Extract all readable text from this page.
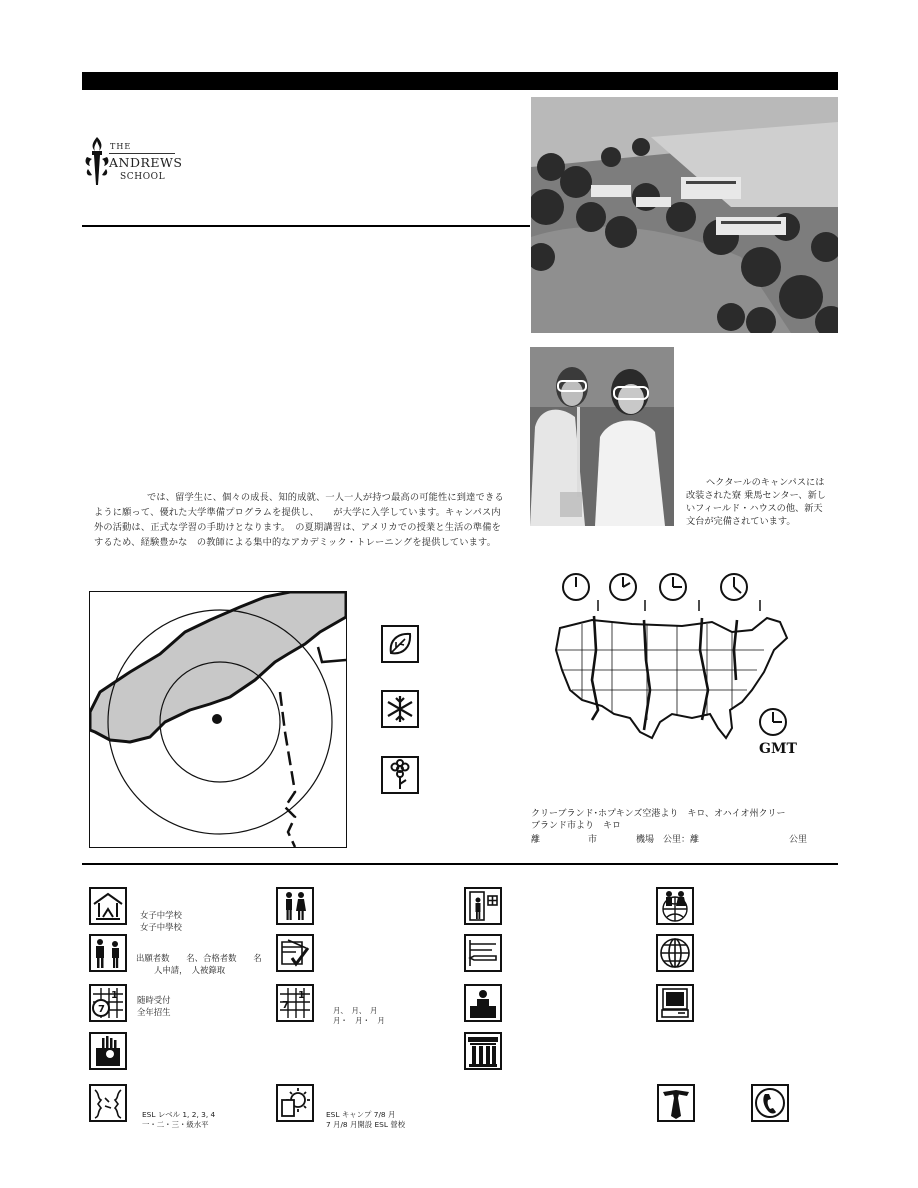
THE
ANDREWS
SCHOOL
ヘクタールのキャンパスには
改装された寮 乗馬センター、新し
いフィールド・ハウスの他、新天
文台が完備されています。
では、留学生に、個々の成長、知的成就、一人一人が持つ最高の可能性に到達できる
ように願って、優れた大学準備プログラムを提供し、　　が大学に入学しています。キャンパス内
外の活動は、正式な学習の手助けとなります。　の夏期講習は、アメリカでの授業と生活の準備を
するため、経験豊かな　の教師による集中的なアカデミック・トレーニングを提供しています。
GMT
クリーブランド･ホプキンズ空港より　キロ、オハイオ州クリー
ブランド市より　キロ
離	市	機場　公里：離	公里
女子中学校
女子中學校
出願者数　　名、合格者数　　名
人申請，　人被錄取
1
7
随時受付
全年招生
1
7	月、　月、　月
月・　月・　月
ESL レベル 1, 2, 3, 4
一・二・三・級水平
ESL キャンプ 7/8 月
7 月/8 月開設 ESL 營校
